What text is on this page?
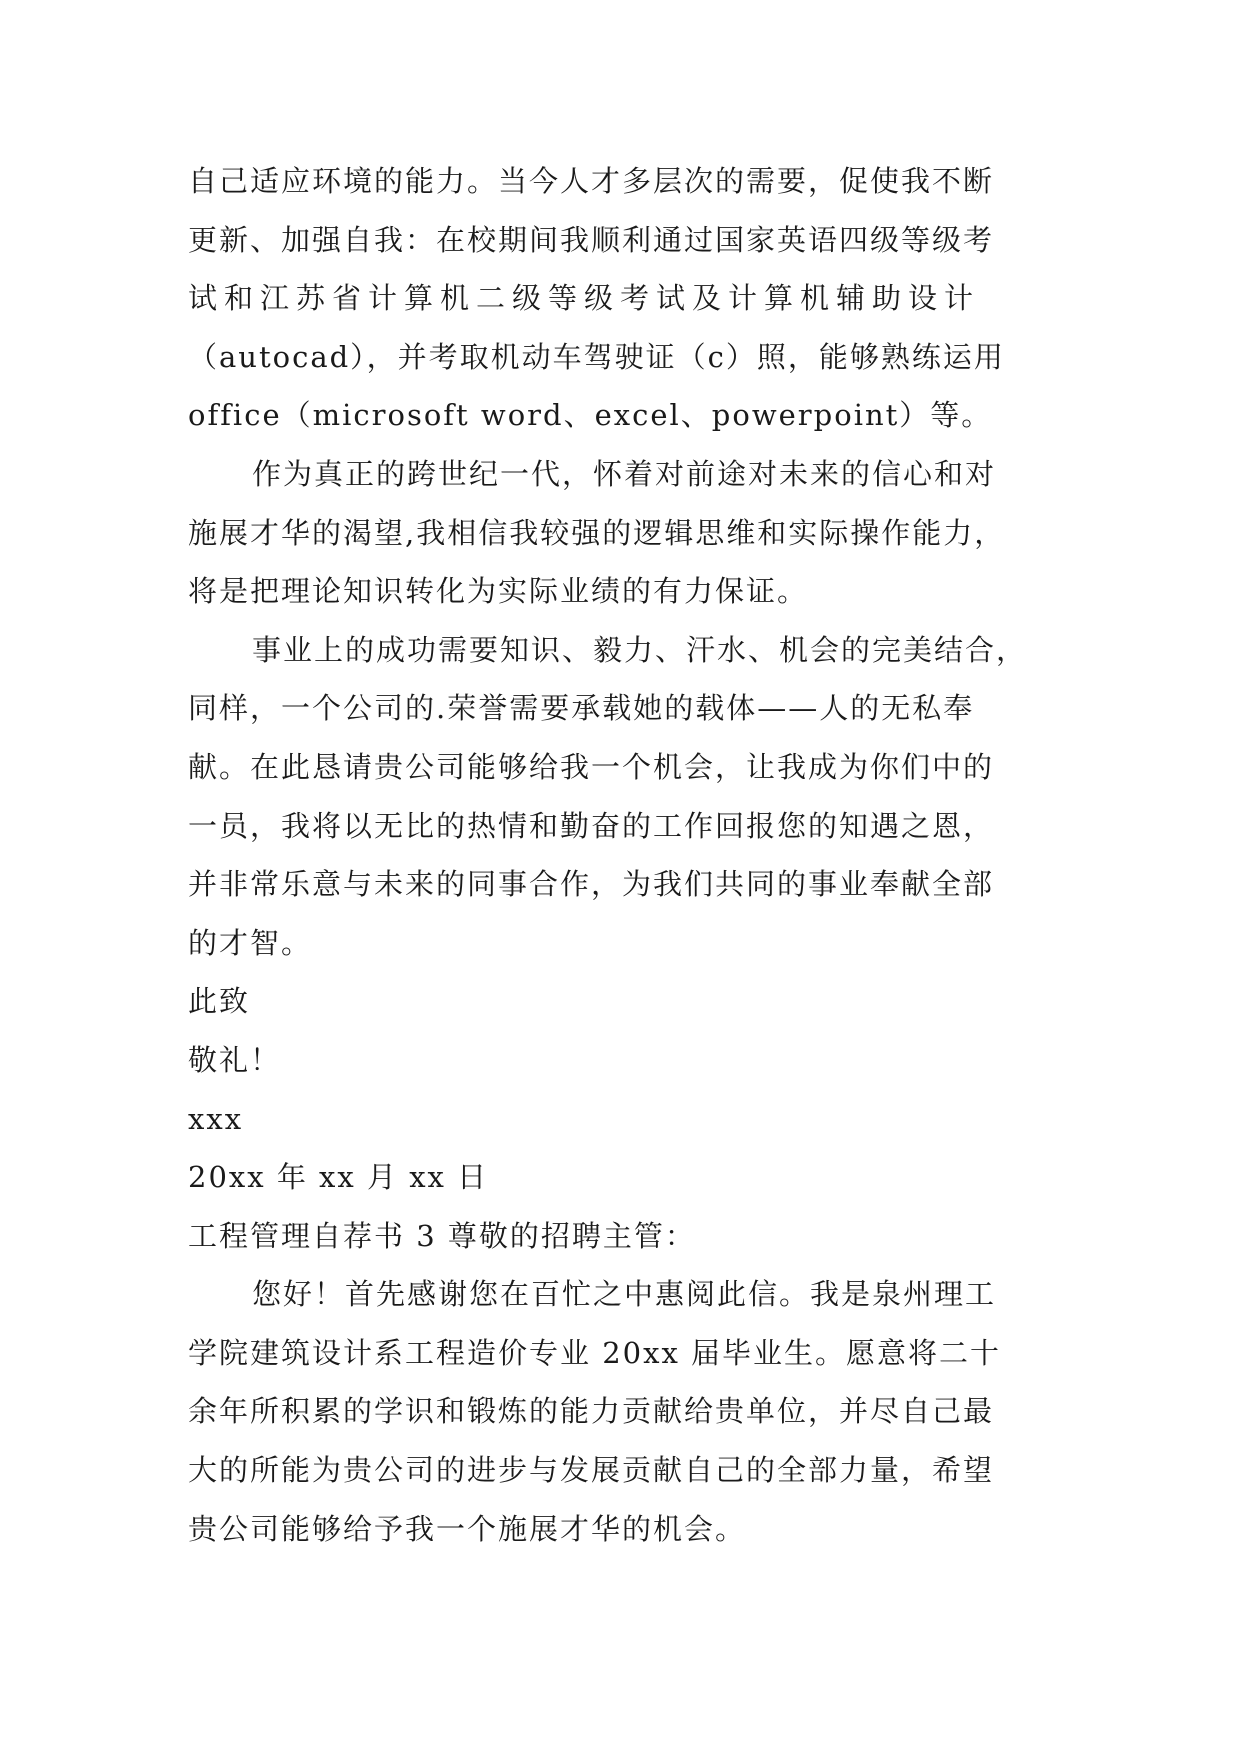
自己适应环境的能力。当今人才多层次的需要，促使我不断
更新、加强自我：在校期间我顺利通过国家英语四级等级考
试和江苏省计算机二级等级考试及计算机辅助设计
（autocad），并考取机动车驾驶证（c）照，能够熟练运用
office（microsoft word、excel、powerpoint）等。
作为真正的跨世纪一代，怀着对前途对未来的信心和对
施展才华的渴望,我相信我较强的逻辑思维和实际操作能力，
将是把理论知识转化为实际业绩的有力保证。
事业上的成功需要知识、毅力、汗水、机会的完美结合，
同样，一个公司的.荣誉需要承载她的载体——人的无私奉
献。在此恳请贵公司能够给我一个机会，让我成为你们中的
一员，我将以无比的热情和勤奋的工作回报您的知遇之恩，
并非常乐意与未来的同事合作，为我们共同的事业奉献全部
的才智。
此致
敬礼！
xxx
20xx 年 xx 月 xx 日
工程管理自荐书 3 尊敬的招聘主管：
您好！首先感谢您在百忙之中惠阅此信。我是泉州理工
学院建筑设计系工程造价专业 20xx 届毕业生。愿意将二十
余年所积累的学识和锻炼的能力贡献给贵单位，并尽自己最
大的所能为贵公司的进步与发展贡献自己的全部力量，希望
贵公司能够给予我一个施展才华的机会。
